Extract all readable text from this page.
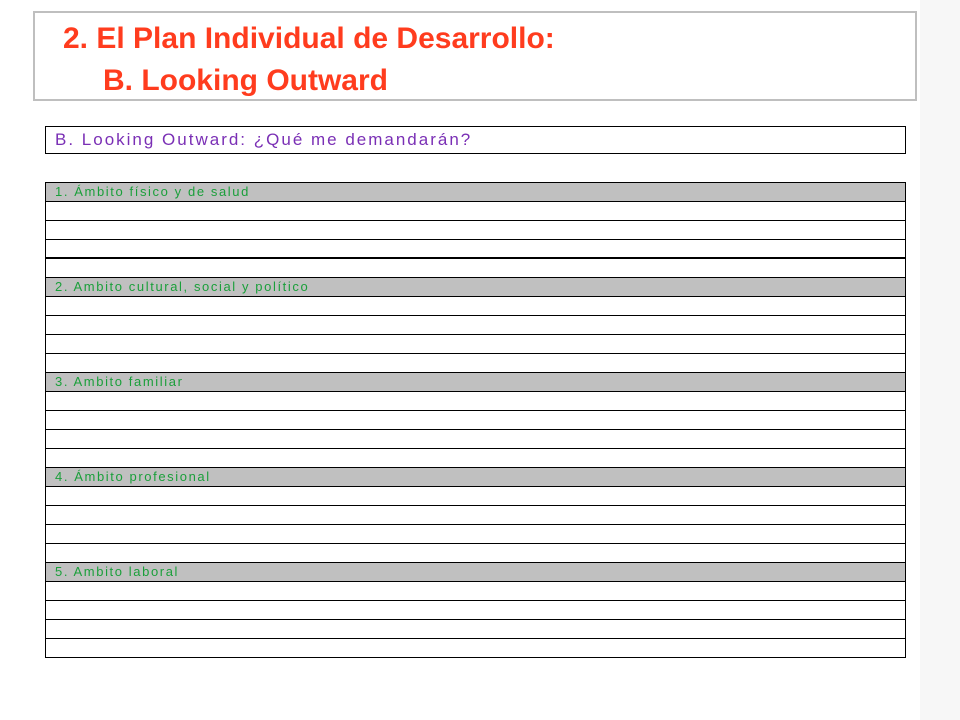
2. El Plan Individual de Desarrollo:
B. Looking Outward
B. Looking Outward: ¿Qué me demandarán?
1. Ámbito físico y de salud
2. Ambito cultural, social y político
3. Ambito familiar
4. Ámbito profesional
5. Ambito laboral
